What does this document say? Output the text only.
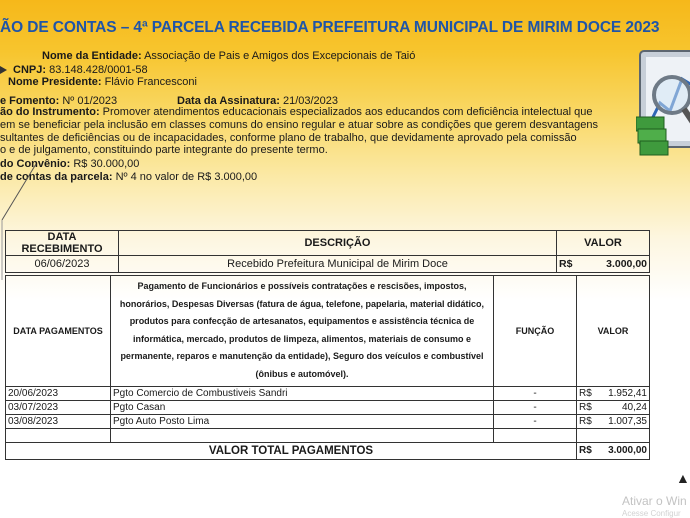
ÃO DE CONTAS – 4ª PARCELA RECEBIDA PREFEITURA MUNICIPAL DE MIRIM DOCE 2023
Nome da Entidade: Associação de Pais e Amigos dos Excepcionais de Taió
CNPJ: 83.148.428/0001-58
Nome Presidente: Flávio Francesconi
e Fomento: Nº 01/2023	Data da Assinatura: 21/03/2023
ão do Instrumento: Promover atendimentos educacionais especializados aos educandos com deficiência intelectual que
em se beneficiar pela inclusão em classes comuns do ensino regular e atuar sobre as condições que gerem desvantagens
sultantes de deficiências ou de incapacidades, conforme plano de trabalho, que devidamente aprovado pela comissão
o e de julgamento, constituindo parte integrante do presente termo.
do Convênio: R$ 30.000,00
de contas da parcela: Nº 4 no valor de R$ 3.000,00
DATA RECEBIMENTO	DESCRIÇÃO	VALOR
06/06/2023	Recebido Prefeitura Municipal de Mirim Doce	R$ 3.000,00
DATA PAGAMENTOS	Pagamento de Funcionários e possíveis contratações e rescisões, impostos, honorários, Despesas Diversas (fatura de água, telefone, papelaria, material didático, produtos para confecção de artesanatos, equipamentos e assistência técnica de informática, mercado, produtos de limpeza, alimentos, materiais de consumo e permanente, reparos e manutenção da entidade), Seguro dos veículos e combustível (ônibus e automóvel).	FUNÇÃO	VALOR
20/06/2023	Pgto Comercio de Combustiveis Sandri	-	R$ 1.952,41

03/07/2023	Pgto Casan	-	R$ 40,24

03/08/2023	Pgto Auto Posto Lima	-	R$ 1.007,35

VALOR TOTAL PAGAMENTOS			R$ 3.000,00
▲
Ativar o Win
Acesse Configur
